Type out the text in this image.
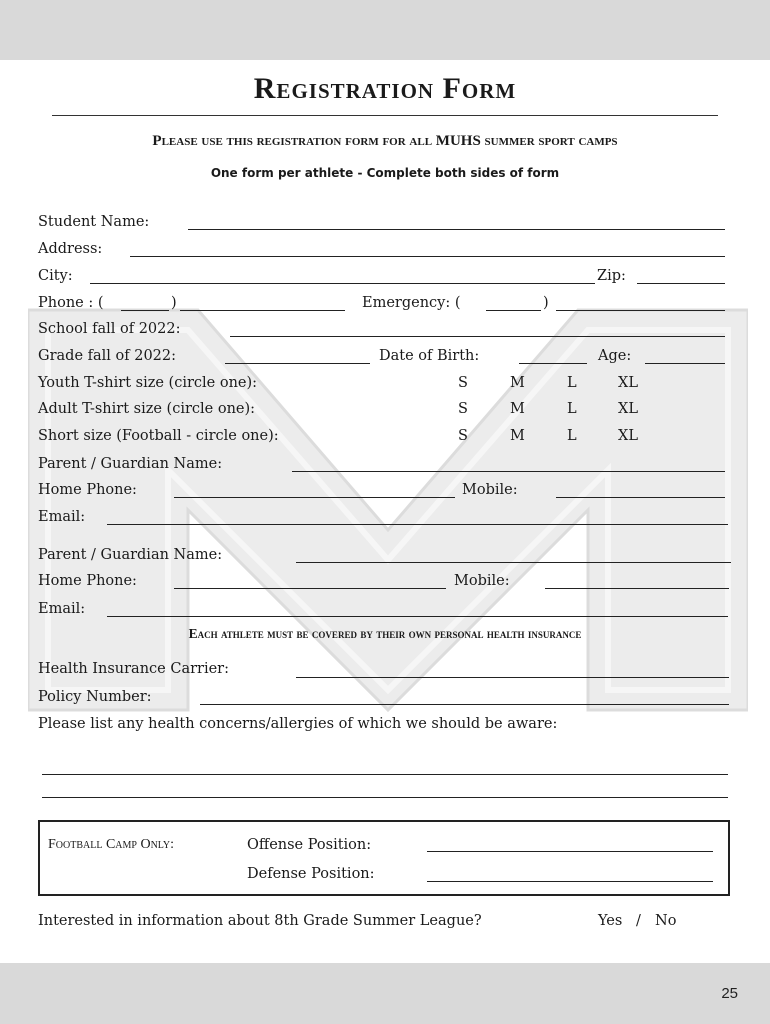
Registration Form
Please use this registration form for all MUHS summer sport camps
One form per athlete - Complete both sides of form
Student Name:
Address:
City:	Zip:
Phone : (	)	Emergency: (	)
School fall of 2022:
Grade fall of 2022:	Date of Birth:	Age:
Youth T-shirt size (circle one):	S	M	L	XL
Adult T-shirt size (circle one):	S	M	L	XL
Short size (Football - circle one):	S	M	L	XL
Parent / Guardian Name:
Home Phone:	Mobile:
Email:
Parent / Guardian Name:
Home Phone:	Mobile:
Email:
Each athlete must be covered by their own personal health insurance
Health Insurance Carrier:
Policy Number:
Please list any health concerns/allergies of which we should be aware:
Football Camp Only:	Offense Position:
Defense Position:
Interested in information about 8th Grade Summer League?	Yes / No
25
